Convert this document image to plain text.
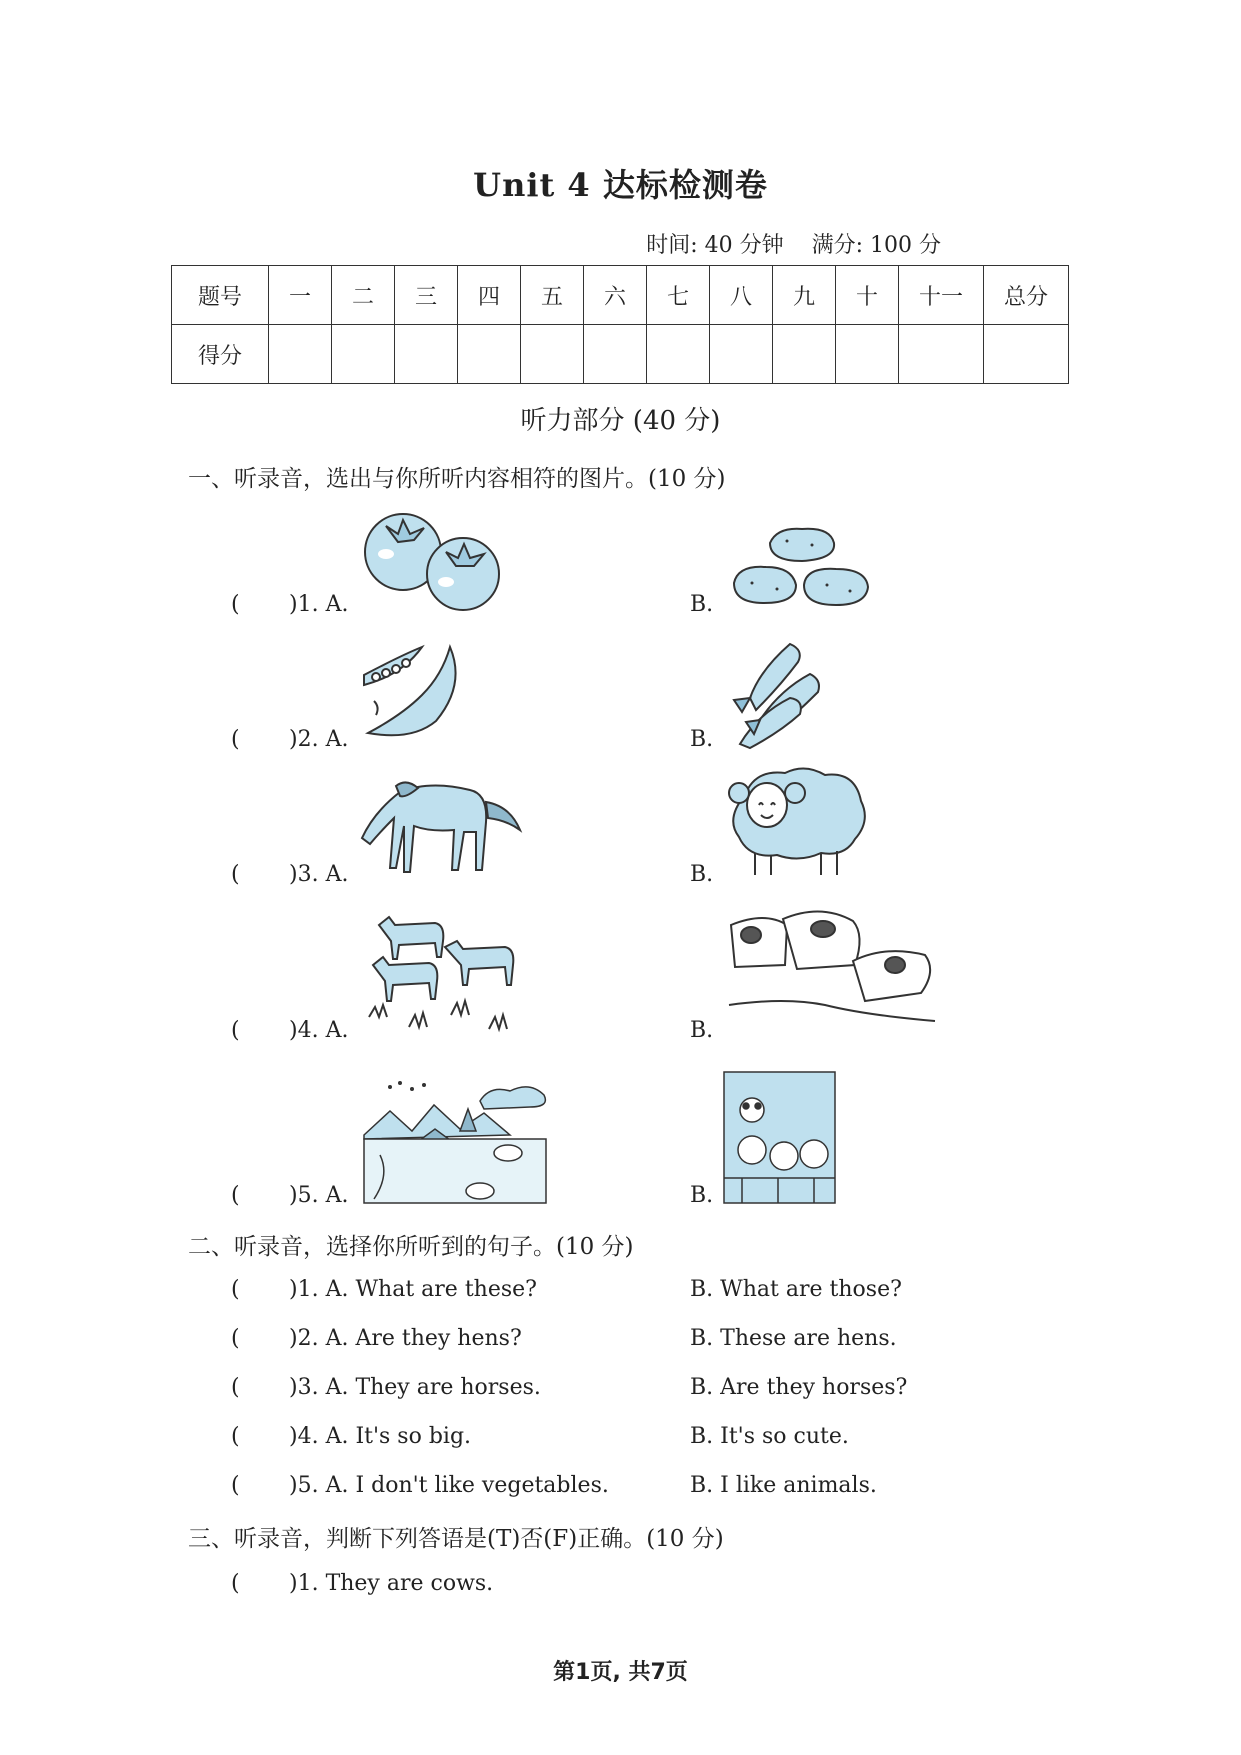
Unit 4 达标检测卷
时间: 40 分钟 满分: 100 分
题号	一	二	三	四	五	六	七	八	九	十	十一	总分
得分												
听力部分 (40 分)
一、听录音，选出与你所听内容相符的图片。(10 分)
( )1. A.	B.
( )2. A.	B.
( )3. A.	B.
( )4. A.	B.
( )5. A.	B.
二、听录音，选择你所听到的句子。(10 分)
( )1. A. What are these?	B. What are those?
( )2. A. Are they hens?	B. These are hens.
( )3. A. They are horses.	B. Are they horses?
( )4. A. It's so big.	B. It's so cute.
( )5. A. I don't like vegetables.	B. I like animals.
三、听录音，判断下列答语是(T)否(F)正确。(10 分)
( )1. They are cows.
第1页, 共7页
